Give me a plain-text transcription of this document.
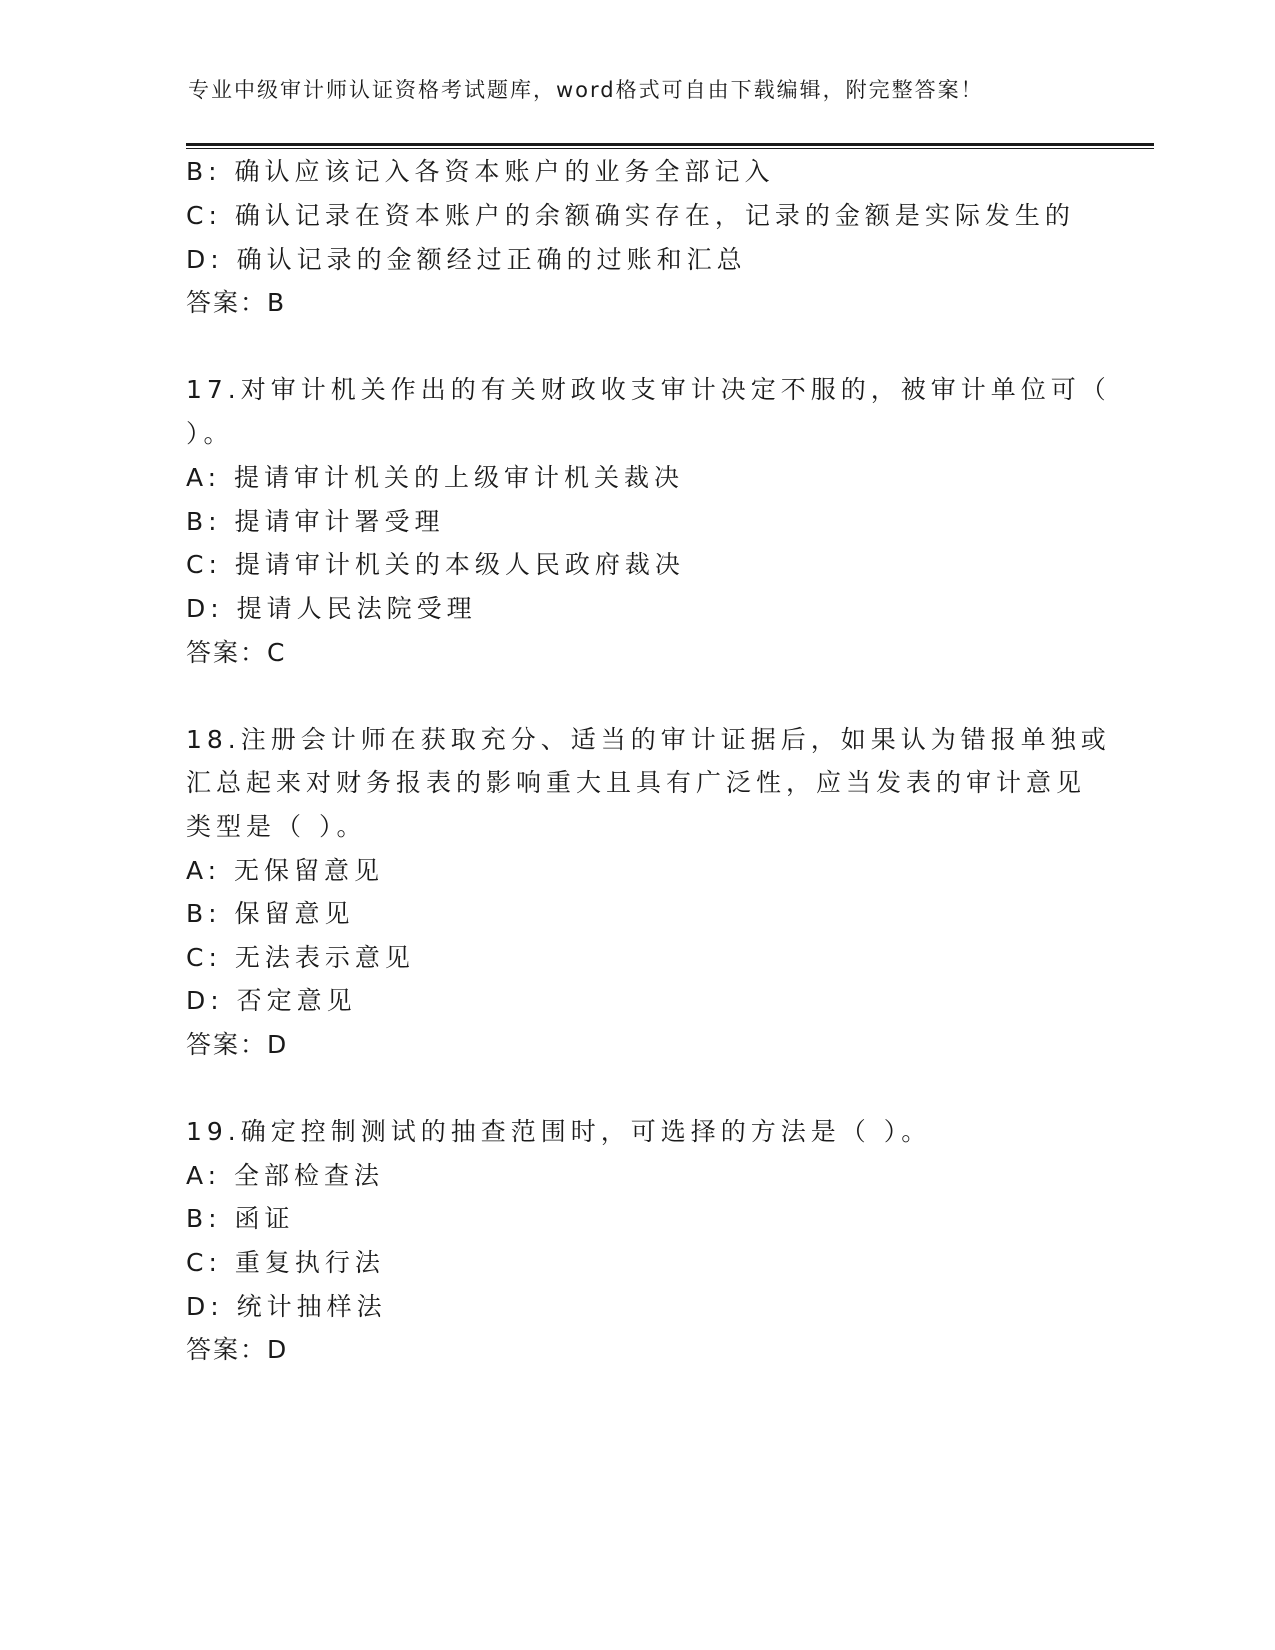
专业中级审计师认证资格考试题库，word格式可自由下载编辑，附完整答案！
B: 确认应该记入各资本账户的业务全部记入
C: 确认记录在资本账户的余额确实存在，记录的金额是实际发生的
D: 确认记录的金额经过正确的过账和汇总
答案：B
17.对审计机关作出的有关财政收支审计决定不服的，被审计单位可（
）。
A: 提请审计机关的上级审计机关裁决
B: 提请审计署受理
C: 提请审计机关的本级人民政府裁决
D: 提请人民法院受理
答案：C
18.注册会计师在获取充分、适当的审计证据后，如果认为错报单独或
汇总起来对财务报表的影响重大且具有广泛性，应当发表的审计意见
类型是（ ）。
A: 无保留意见
B: 保留意见
C: 无法表示意见
D: 否定意见
答案：D
19.确定控制测试的抽查范围时，可选择的方法是（ ）。
A: 全部检查法
B: 函证
C: 重复执行法
D: 统计抽样法
答案：D
